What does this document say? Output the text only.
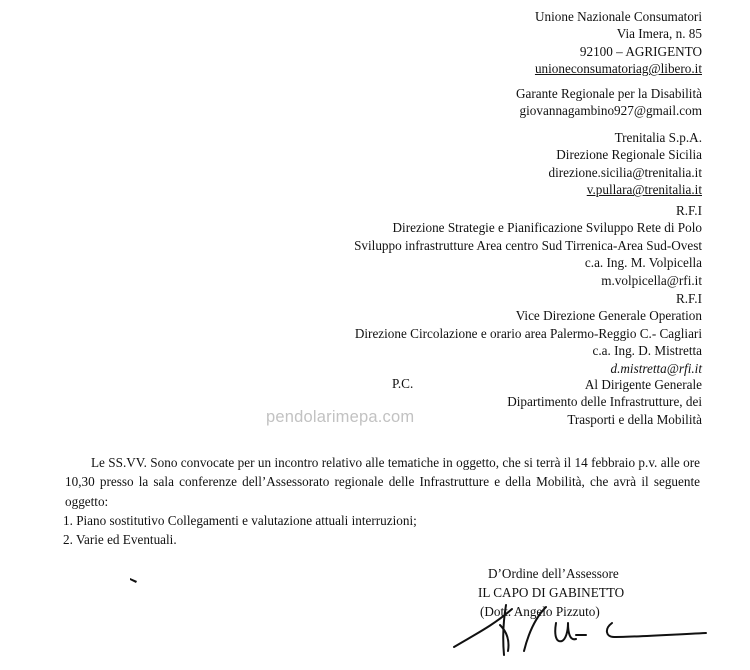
Unione Nazionale Consumatori
Via Imera, n. 85
92100 – AGRIGENTO
unioneconsumatoriag@libero.it
Garante Regionale per la Disabilità
giovannagambino927@gmail.com
Trenitalia S.p.A.
Direzione Regionale Sicilia
direzione.sicilia@trenitalia.it
v.pullara@trenitalia.it
R.F.I
Direzione Strategie e Pianificazione Sviluppo Rete di Polo
Sviluppo infrastrutture Area centro Sud Tirrenica-Area Sud-Ovest
c.a. Ing. M. Volpicella
m.volpicella@rfi.it
R.F.I
Vice Direzione Generale Operation
Direzione Circolazione e orario area Palermo-Reggio C.- Cagliari
c.a. Ing. D. Mistretta
d.mistretta@rfi.it
P.C.	Al Dirigente Generale
Dipartimento delle Infrastrutture, dei
Trasporti e della Mobilità
pendolarimepa.com

Le SS.VV. Sono convocate per un incontro relativo alle tematiche in oggetto, che si terrà il 14 febbraio p.v. alle ore 10,30 presso la sala conferenze dell’Assessorato regionale delle Infrastrutture e della Mobilità, che avrà il seguente oggetto:

1. Piano sostitutivo Collegamenti e valutazione attuali interruzioni;

2. Varie ed Eventuali.

D’Ordine dell’Assessore
IL CAPO DI GABINETTO
(Dott. Angelo Pizzuto)
